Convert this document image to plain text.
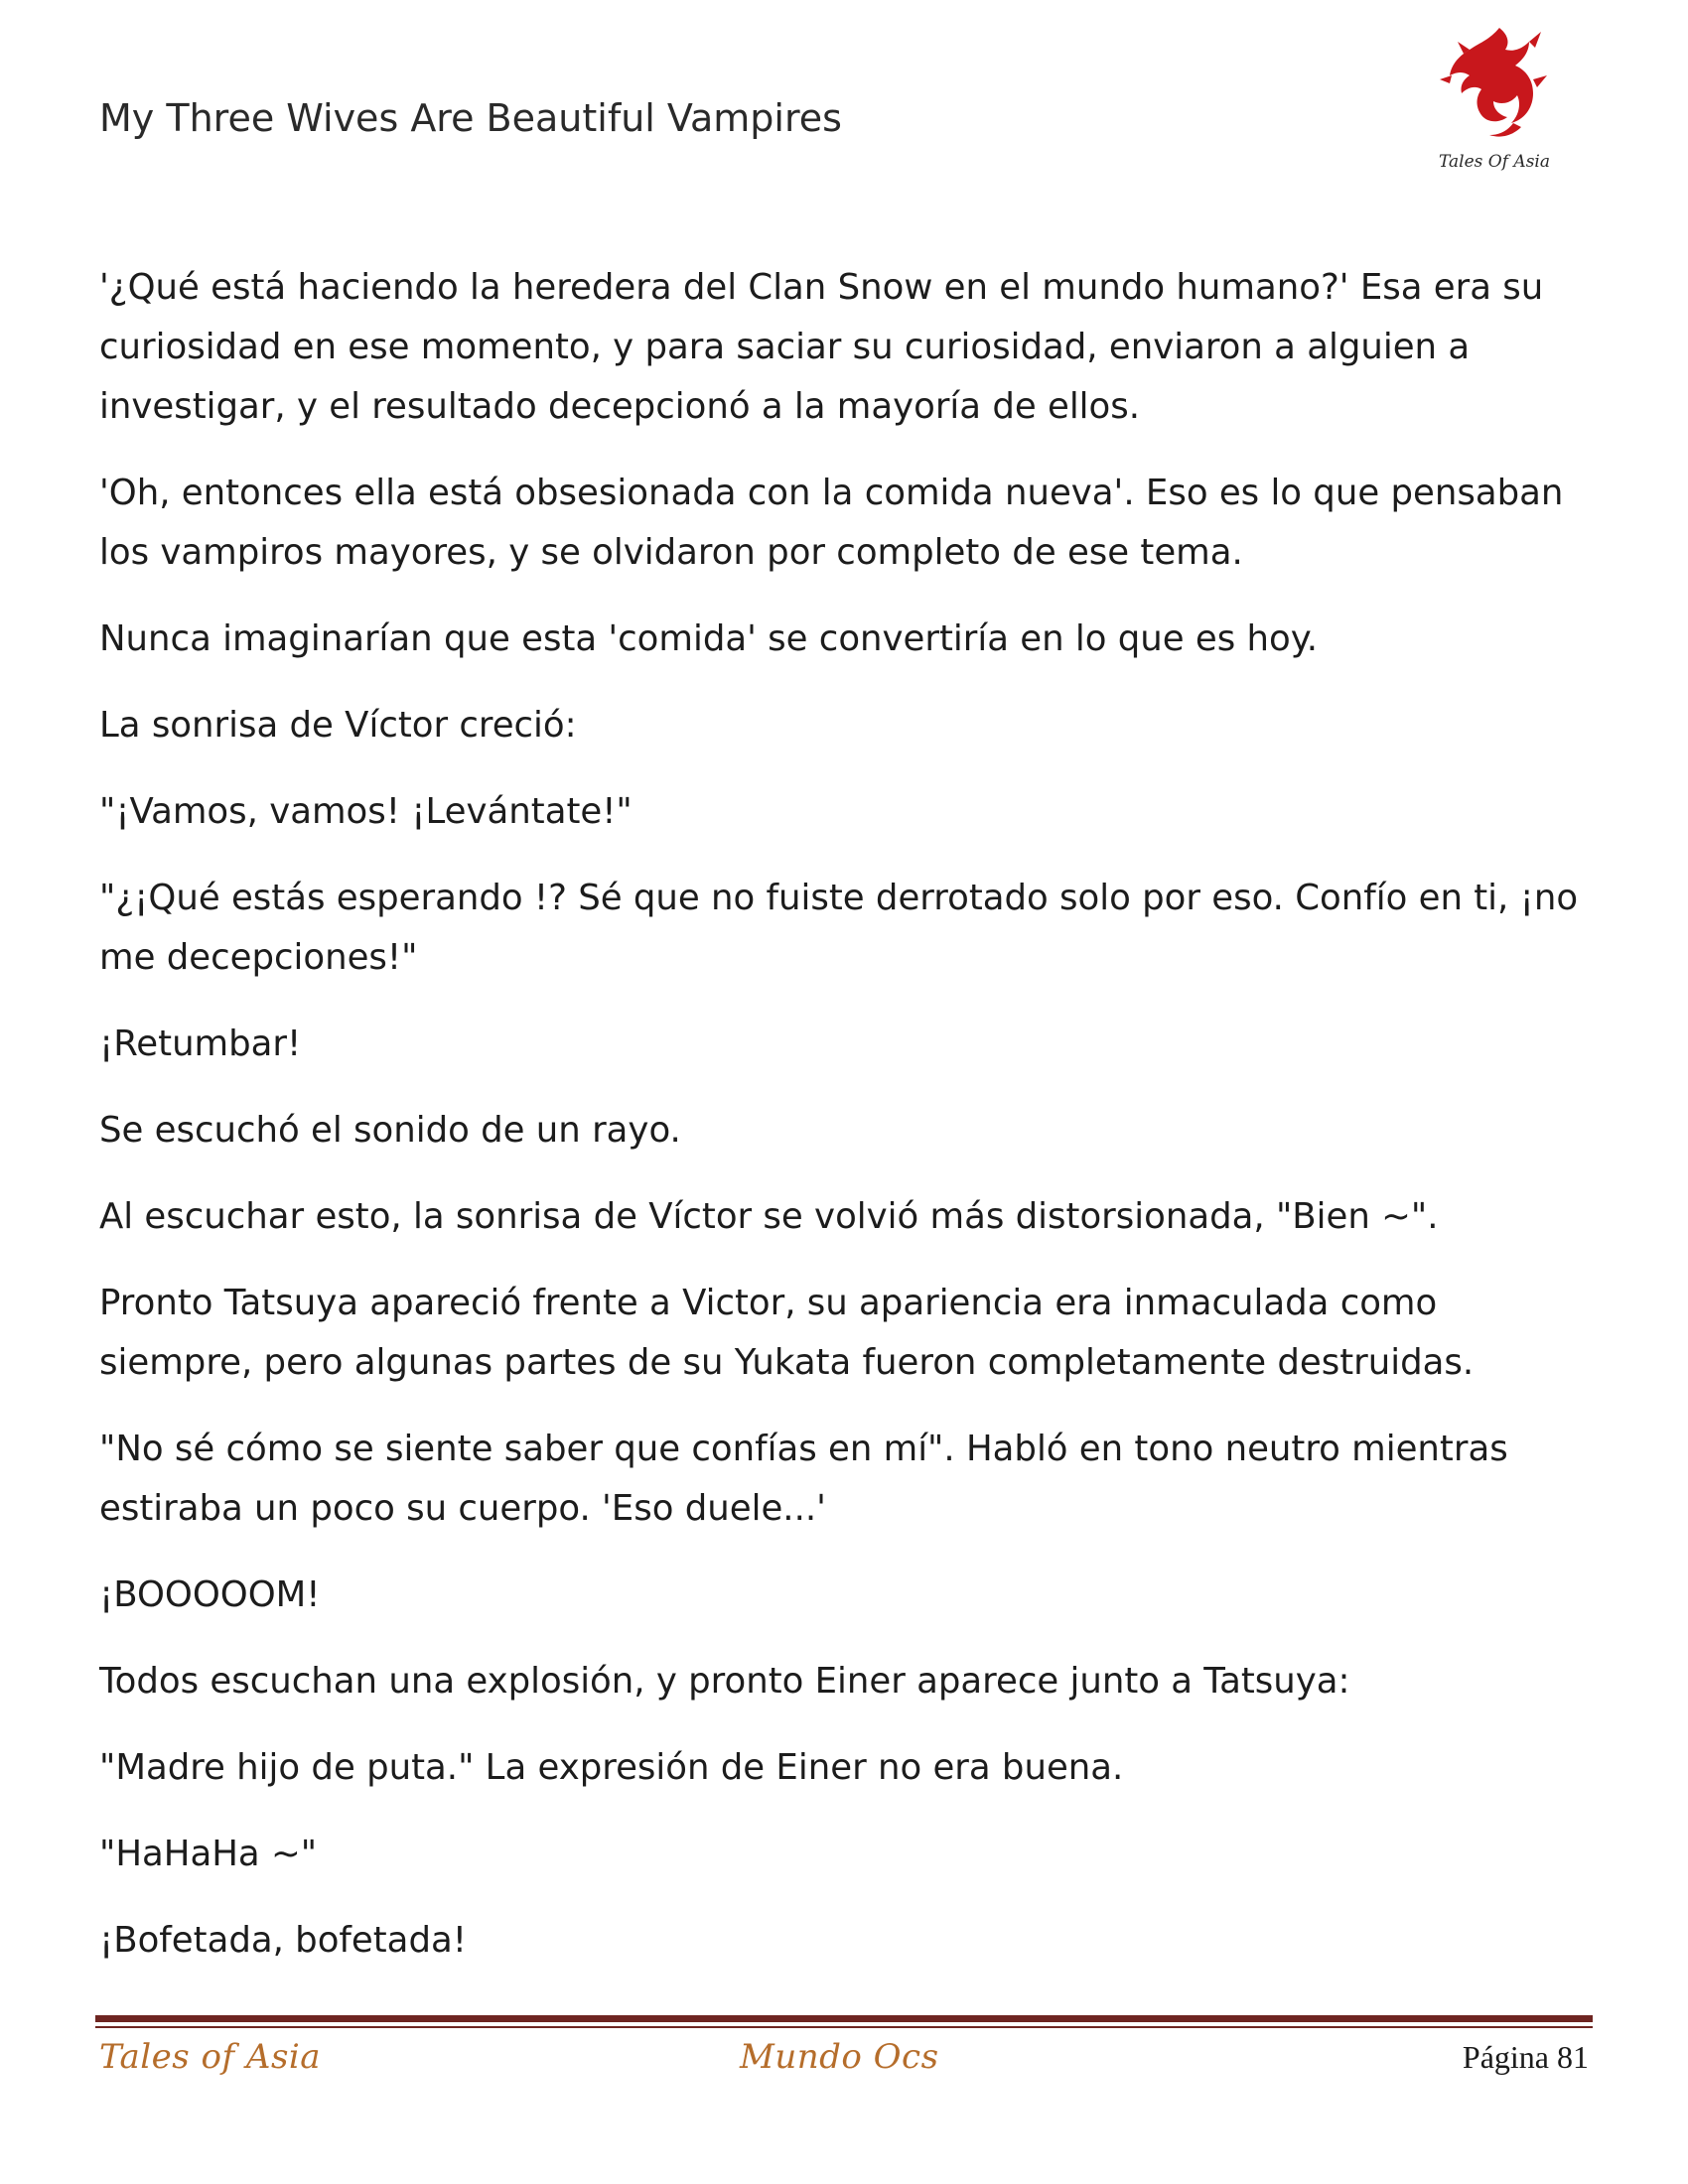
My Three Wives Are Beautiful Vampires
Tales Of Asia

'¿Qué está haciendo la heredera del Clan Snow en el mundo humano?' Esa era su curiosidad en ese momento, y para saciar su curiosidad, enviaron a alguien a investigar, y el resultado decepcionó a la mayoría de ellos.

'Oh, entonces ella está obsesionada con la comida nueva'. Eso es lo que pensaban los vampiros mayores, y se olvidaron por completo de ese tema.

Nunca imaginarían que esta 'comida' se convertiría en lo que es hoy.

La sonrisa de Víctor creció:

"¡Vamos, vamos! ¡Levántate!"

"¿¡Qué estás esperando !? Sé que no fuiste derrotado solo por eso. Confío en ti, ¡no me decepciones!"

¡Retumbar!

Se escuchó el sonido de un rayo.

Al escuchar esto, la sonrisa de Víctor se volvió más distorsionada, "Bien ~".

Pronto Tatsuya apareció frente a Victor, su apariencia era inmaculada como siempre, pero algunas partes de su Yukata fueron completamente destruidas.

"No sé cómo se siente saber que confías en mí". Habló en tono neutro mientras estiraba un poco su cuerpo. 'Eso duele...'

¡BOOOOOM!

Todos escuchan una explosión, y pronto Einer aparece junto a Tatsuya:

"Madre hijo de puta." La expresión de Einer no era buena.

"HaHaHa ~"

¡Bofetada, bofetada!

Tales of Asia	Mundo Ocs	Página 81
